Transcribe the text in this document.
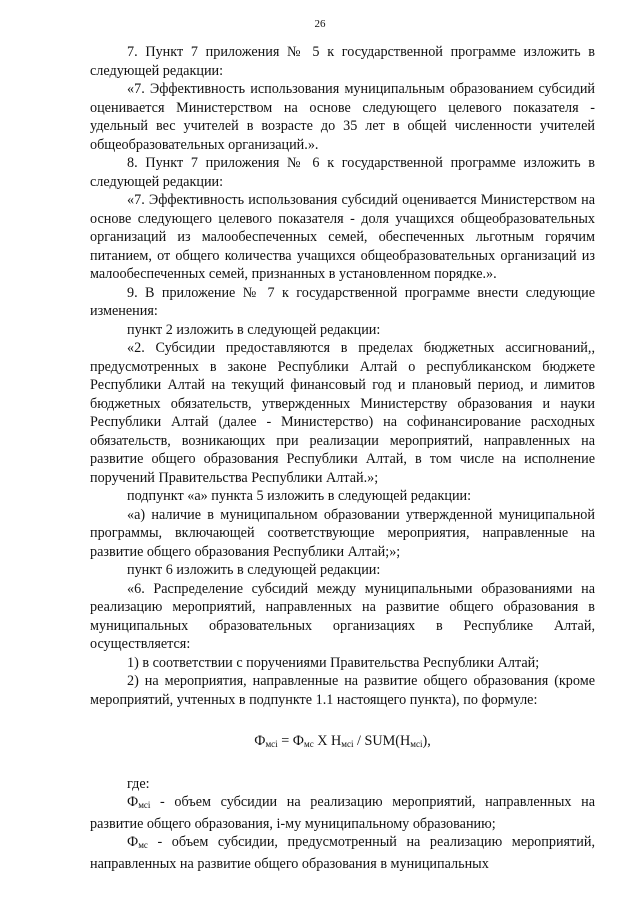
26

7. Пункт 7 приложения № 5 к государственной программе изложить в следующей редакции:

«7. Эффективность использования муниципальным образованием субсидий оценивается Министерством на основе следующего целевого показателя - удельный вес учителей в возрасте до 35 лет в общей численности учителей общеобразовательных организаций.».

8. Пункт 7 приложения № 6 к государственной программе изложить в следующей редакции:

«7. Эффективность использования субсидий оценивается Министерством на основе следующего целевого показателя - доля учащихся общеобразовательных организаций из малообеспеченных семей, обеспеченных льготным горячим питанием, от общего количества учащихся общеобразовательных организаций из малообеспеченных семей, признанных в установленном порядке.».

9. В приложение № 7 к государственной программе внести следующие изменения:

пункт 2 изложить в следующей редакции:

«2. Субсидии предоставляются в пределах бюджетных ассигнований,, предусмотренных в законе Республики Алтай о республиканском бюджете Республики Алтай на текущий финансовый год и плановый период, и лимитов бюджетных обязательств, утвержденных Министерству образования и науки Республики Алтай (далее - Министерство) на софинансирование расходных обязательств, возникающих при реализации мероприятий, направленных на развитие общего образования Республики Алтай, в том числе на исполнение поручений Правительства Республики Алтай.»;

подпункт «а» пункта 5 изложить в следующей редакции:

«а) наличие в муниципальном образовании утвержденной муниципальной программы, включающей соответствующие мероприятия, направленные на развитие общего образования Республики Алтай;»;

пункт 6 изложить в следующей редакции:

«6. Распределение субсидий между муниципальными образованиями на реализацию мероприятий, направленных на развитие общего образования в муниципальных образовательных организациях в Республике Алтай, осуществляется:

1) в соответствии с поручениями Правительства Республики Алтай;

2) на мероприятия, направленные на развитие общего образования (кроме мероприятий, учтенных в подпункте 1.1 настоящего пункта), по формуле:

$Ф_{мсi} = Ф_{мс}$ X $Н_{мсi} / SUM(Н_{мсi})$,

где:

$Ф_{мсi}$ - объем субсидии на реализацию мероприятий, направленных на развитие общего образования, i-му муниципальному образованию;

$Ф_{мс}$ - объем субсидии, предусмотренный на реализацию мероприятий, направленных на развитие общего образования в муниципальных
